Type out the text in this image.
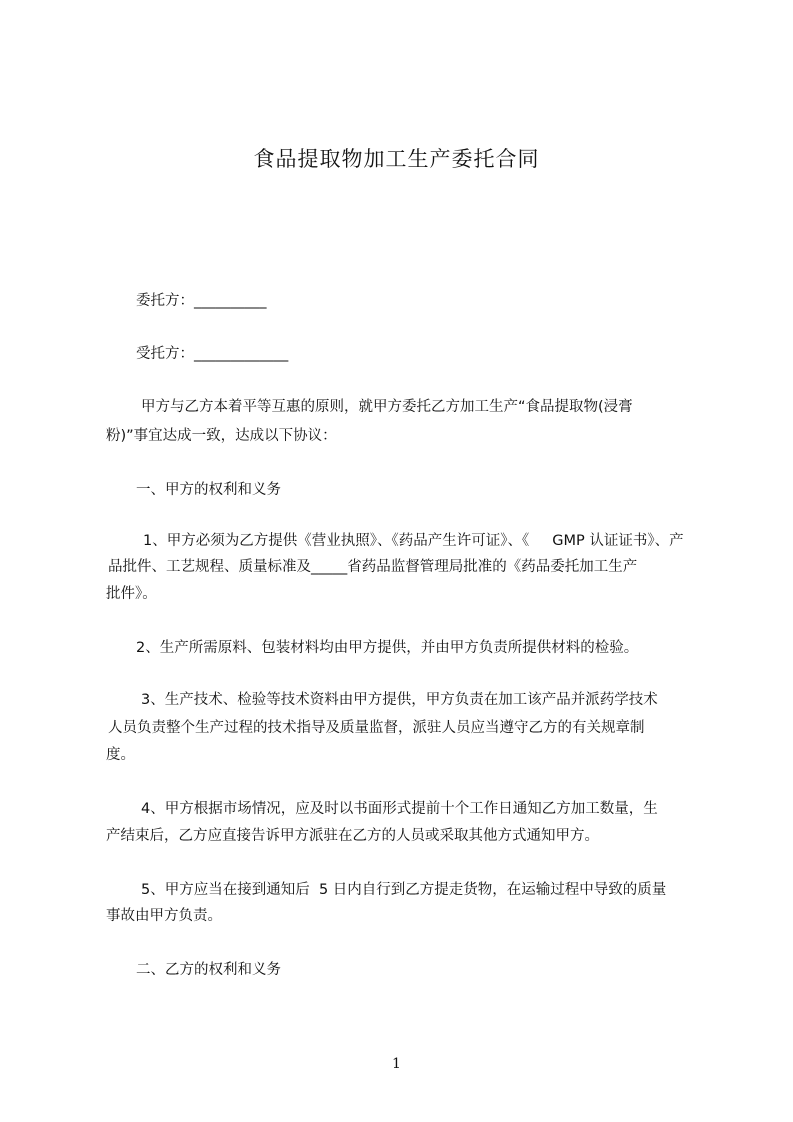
食品提取物加工生产委托合同

委托方：__________

受托方：_____________

甲方与乙方本着平等互惠的原则，就甲方委托乙方加工生产“食品提取物(浸膏

粉)”事宜达成一致，达成以下协议：

一、甲方的权利和义务

1、甲方必须为乙方提供《营业执照》、《药品产生许可证》、《     GMP 认证证书》、产

品批件、工艺规程、质量标准及_____省药品监督管理局批准的《药品委托加工生产

批件》。

2、生产所需原料、包装材料均由甲方提供，并由甲方负责所提供材料的检验。

3、生产技术、检验等技术资料由甲方提供，甲方负责在加工该产品并派药学技术

人员负责整个生产过程的技术指导及质量监督，派驻人员应当遵守乙方的有关规章制

度。

4、甲方根据市场情况，应及时以书面形式提前十个工作日通知乙方加工数量，生

产结束后，乙方应直接告诉甲方派驻在乙方的人员或采取其他方式通知甲方。

5、甲方应当在接到通知后  5 日内自行到乙方提走货物，在运输过程中导致的质量

事故由甲方负责。

二、乙方的权利和义务

1
